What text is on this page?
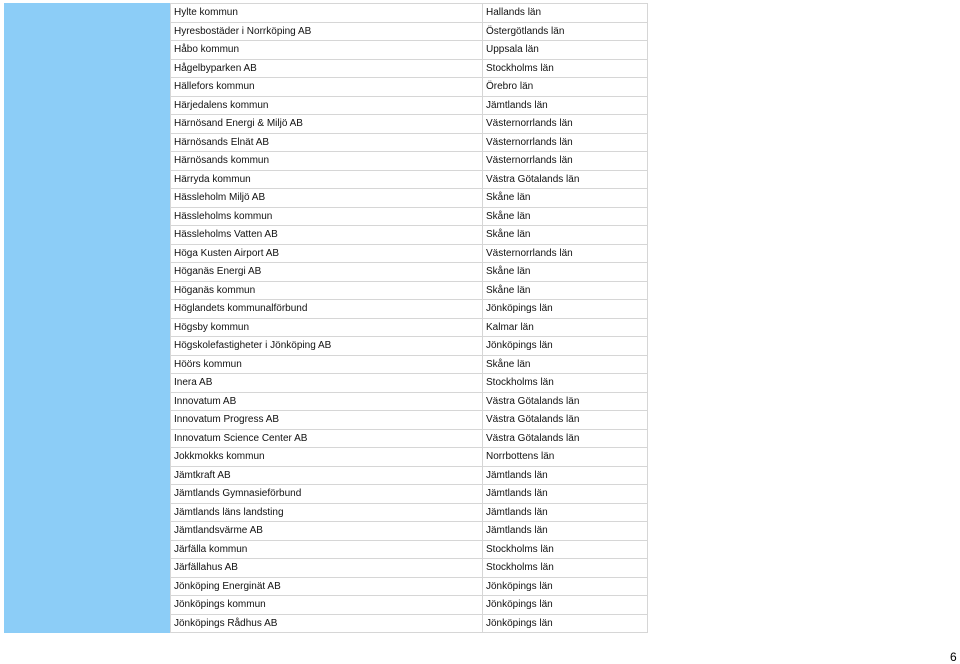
Hylte kommun	Hallands län
Hyresbostäder i Norrköping AB	Östergötlands län
Håbo kommun	Uppsala län
Hågelbyparken AB	Stockholms län
Hällefors kommun	Örebro län
Härjedalens kommun	Jämtlands län
Härnösand Energi & Miljö AB	Västernorrlands län
Härnösands Elnät AB	Västernorrlands län
Härnösands kommun	Västernorrlands län
Härryda kommun	Västra Götalands län
Hässleholm Miljö AB	Skåne län
Hässleholms kommun	Skåne län
Hässleholms Vatten AB	Skåne län
Höga Kusten Airport AB	Västernorrlands län
Höganäs Energi AB	Skåne län
Höganäs kommun	Skåne län
Höglandets kommunalförbund	Jönköpings län
Högsby kommun	Kalmar län
Högskolefastigheter i Jönköping AB	Jönköpings län
Höörs kommun	Skåne län
Inera AB	Stockholms län
Innovatum AB	Västra Götalands län
Innovatum Progress AB	Västra Götalands län
Innovatum Science Center AB	Västra Götalands län
Jokkmokks kommun	Norrbottens län
Jämtkraft AB	Jämtlands län
Jämtlands Gymnasieförbund	Jämtlands län
Jämtlands läns landsting	Jämtlands län
Jämtlandsvärme AB	Jämtlands län
Järfälla kommun	Stockholms län
Järfällahus AB	Stockholms län
Jönköping Energinät AB	Jönköpings län
Jönköpings kommun	Jönköpings län
Jönköpings Rådhus AB	Jönköpings län
6
